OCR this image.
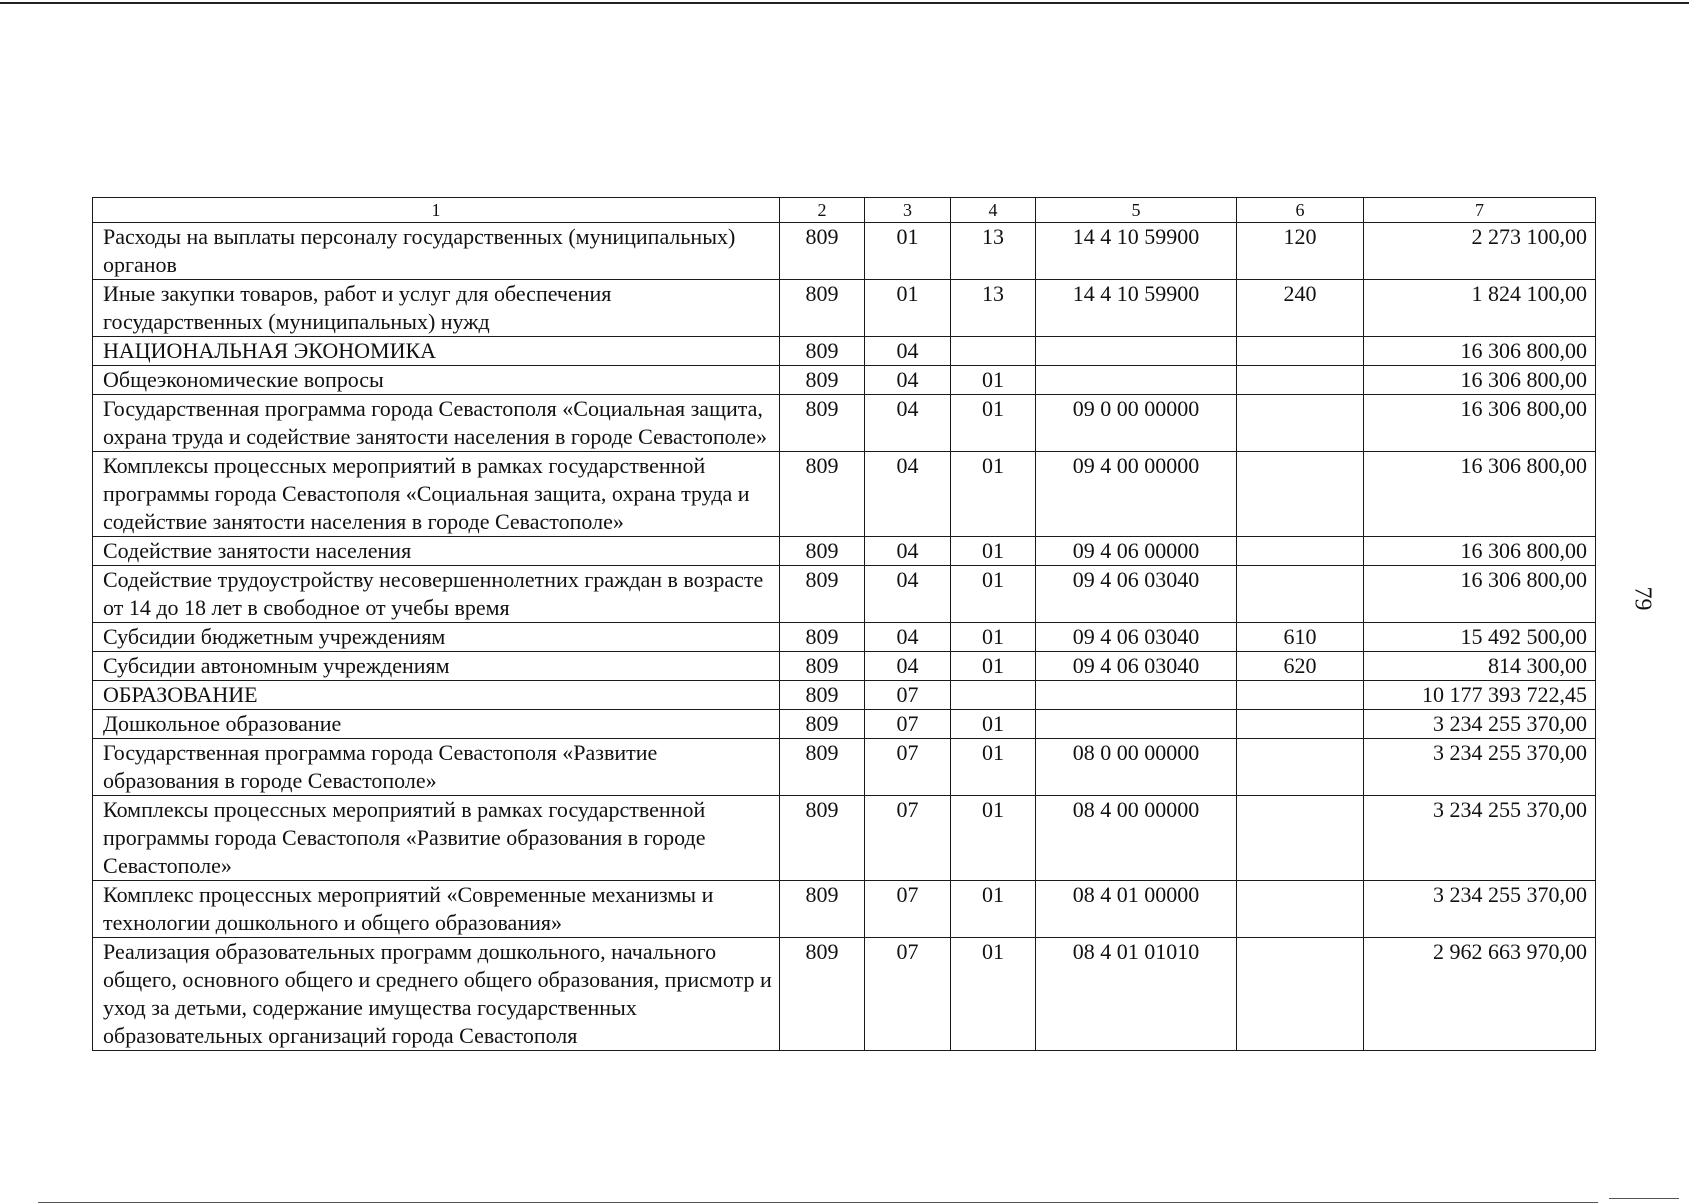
79
1	2	3	4	5	6	7
Расходы на выплаты персоналу государственных (муниципальных) органов	809	01	13	14 4 10 59900	120	2 273 100,00
Иные закупки товаров, работ и услуг для обеспечения государственных (муниципальных) нужд	809	01	13	14 4 10 59900	240	1 824 100,00
НАЦИОНАЛЬНАЯ ЭКОНОМИКА	809	04				16 306 800,00
Общеэкономические вопросы	809	04	01			16 306 800,00
Государственная программа города Севастополя «Социальная защита, охрана труда и содействие занятости населения в городе Севастополе»	809	04	01	09 0 00 00000		16 306 800,00
Комплексы процессных мероприятий в рамках государственной программы города Севастополя «Социальная защита, охрана труда и содействие занятости населения в городе Севастополе»	809	04	01	09 4 00 00000		16 306 800,00
Содействие занятости населения	809	04	01	09 4 06 00000		16 306 800,00
Содействие трудоустройству несовершеннолетних граждан в возрасте от 14 до 18 лет в свободное от учебы время	809	04	01	09 4 06 03040		16 306 800,00
Субсидии бюджетным учреждениям	809	04	01	09 4 06 03040	610	15 492 500,00
Субсидии автономным учреждениям	809	04	01	09 4 06 03040	620	814 300,00
ОБРАЗОВАНИЕ	809	07				10 177 393 722,45
Дошкольное образование	809	07	01			3 234 255 370,00
Государственная программа города Севастополя «Развитие образования в городе Севастополе»	809	07	01	08 0 00 00000		3 234 255 370,00
Комплексы процессных мероприятий в рамках государственной программы города Севастополя «Развитие образования в городе Севастополе»	809	07	01	08 4 00 00000		3 234 255 370,00
Комплекс процессных мероприятий «Современные механизмы и технологии дошкольного и общего образования»	809	07	01	08 4 01 00000		3 234 255 370,00
Реализация образовательных программ дошкольного, начального общего, основного общего и среднего общего образования, присмотр и уход за детьми, содержание имущества государственных образовательных организаций города Севастополя	809	07	01	08 4 01 01010		2 962 663 970,00
